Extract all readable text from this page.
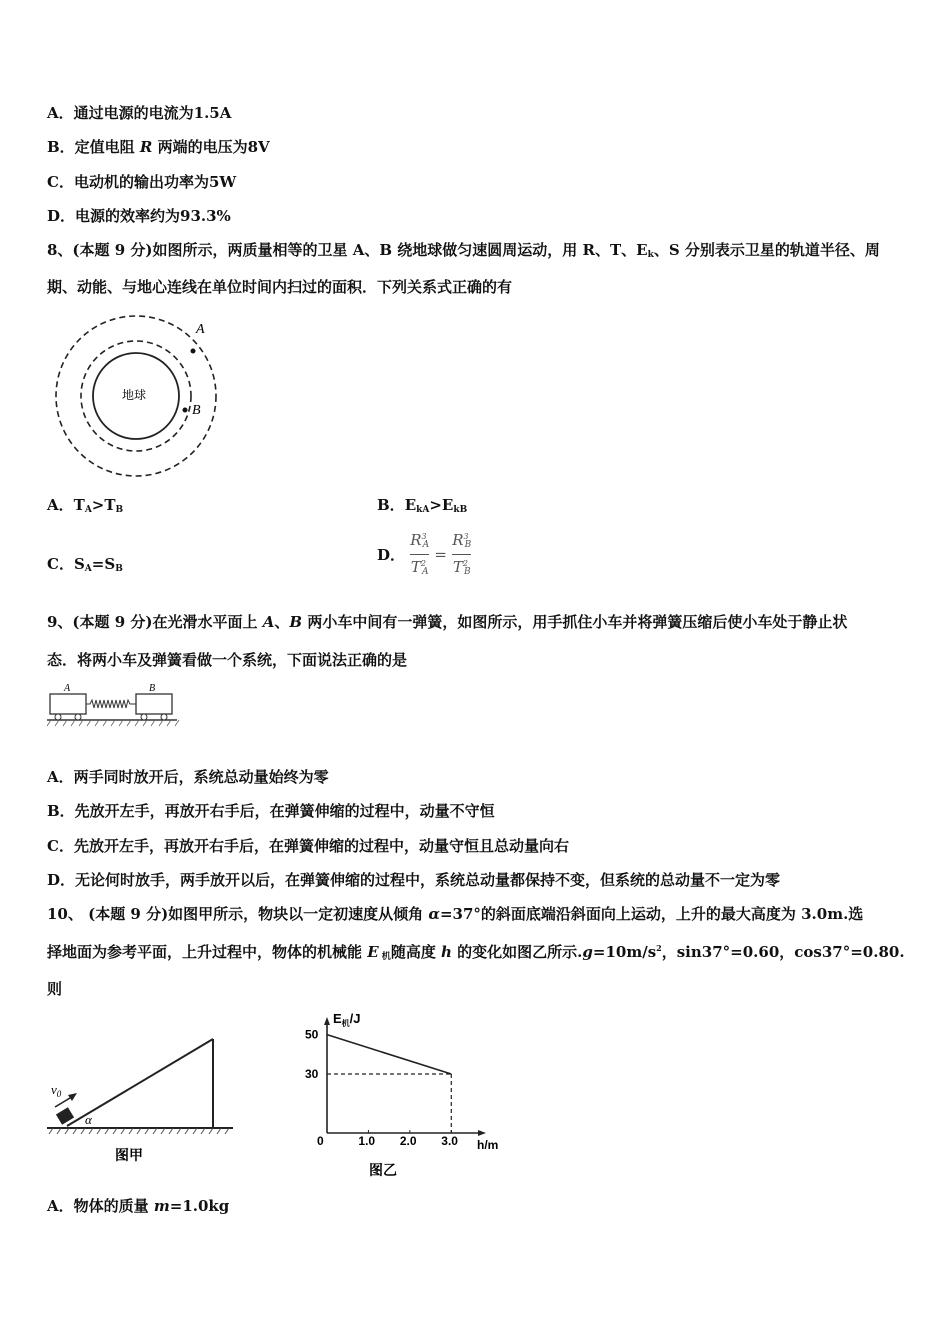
A．通过电源的电流为1.5A
B．定值电阻 R 两端的电压为8V
C．电动机的输出功率为5W
D．电源的效率约为93.3%
8、(本题 9 分)如图所示，两质量相等的卫星 A、B 绕地球做匀速圆周运动，用 R、T、$E_k$、S 分别表示卫星的轨道半径、周
期、动能、与地心连线在单位时间内扫过的面积．下列关系式正确的有
地球
A
B
A．$T_A>T_B$	B．$E_{kA}>E_{kB}$
C．$S_A=S_B$
D． $\frac{R^3_A}{T^2_A} = \frac{R^3_B}{T^2_B}$
9、(本题 9 分)在光滑水平面上 A、B 两小车中间有一弹簧，如图所示，用手抓住小车并将弹簧压缩后使小车处于静止状
态．将两小车及弹簧看做一个系统，下面说法正确的是
A	B
A．两手同时放开后，系统总动量始终为零
B．先放开左手，再放开右手后，在弹簧伸缩的过程中，动量不守恒
C．先放开左手，再放开右手后，在弹簧伸缩的过程中，动量守恒且总动量向右
D．无论何时放手，两手放开以后，在弹簧伸缩的过程中，系统总动量都保持不变，但系统的总动量不一定为零
10、 (本题 9 分)如图甲所示，物块以一定初速度从倾角 α=37°的斜面底端沿斜面向上运动，上升的最大高度为 3.0m.选
择地面为参考平面，上升过程中，物体的机械能 E $_机$随高度 h 的变化如图乙所示$.g=10m/s^2$，sin37°=0.60，cos37°=0.80.
则
$v_0$
α
图甲
$E_机/J$
h/m
0
50
30
1.0 2.0 3.0
图乙
A．物体的质量 m=1.0kg
